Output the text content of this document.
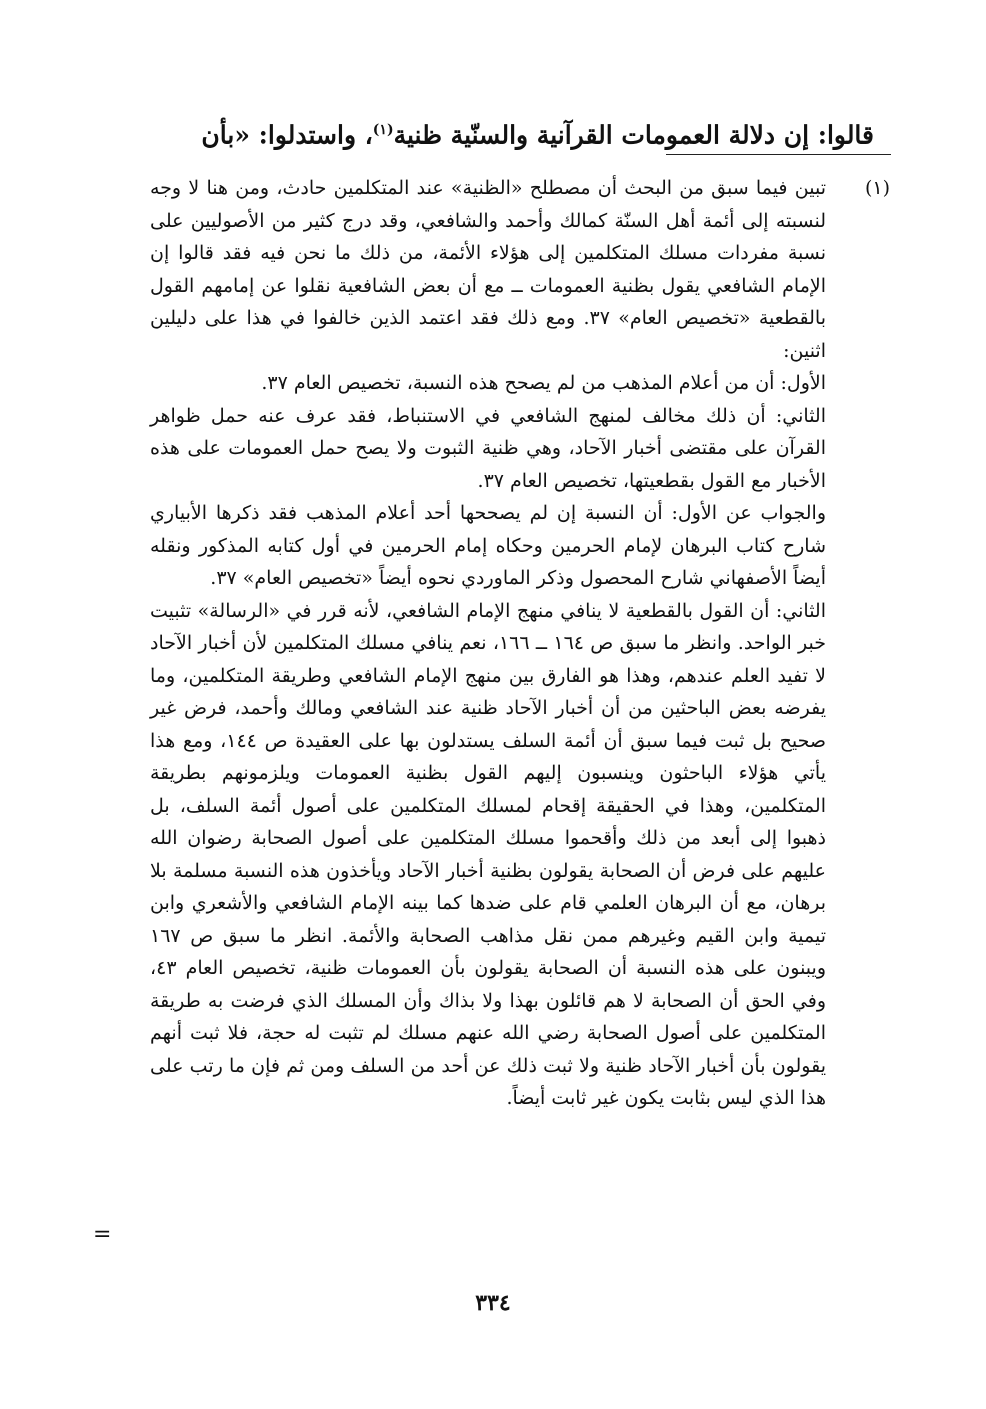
قالوا: إن دلالة العمومات القرآنية والسنّية ظنية$^{(١)}$، واستدلوا: «بأن
(١)

تبين فيما سبق من البحث أن مصطلح «الظنية» عند المتكلمين حادث، ومن هنا لا وجه لنسبته إلى أئمة أهل السنّة كمالك وأحمد والشافعي، وقد درج كثير من الأصوليين على نسبة مفردات مسلك المتكلمين إلى هؤلاء الأئمة، من ذلك ما نحن فيه فقد قالوا إن الإمام الشافعي يقول بظنية العمومات ــ مع أن بعض الشافعية نقلوا عن إمامهم القول بالقطعية «تخصيص العام» ٣٧. ومع ذلك فقد اعتمد الذين خالفوا في هذا على دليلين اثنين:

الأول: أن من أعلام المذهب من لم يصحح هذه النسبة، تخصيص العام ٣٧.

الثاني: أن ذلك مخالف لمنهج الشافعي في الاستنباط، فقد عرف عنه حمل ظواهر القرآن على مقتضى أخبار الآحاد، وهي ظنية الثبوت ولا يصح حمل العمومات على هذه الأخبار مع القول بقطعيتها، تخصيص العام ٣٧.

والجواب عن الأول: أن النسبة إن لم يصححها أحد أعلام المذهب فقد ذكرها الأبياري شارح كتاب البرهان لإمام الحرمين وحكاه إمام الحرمين في أول كتابه المذكور ونقله أيضاً الأصفهاني شارح المحصول وذكر الماوردي نحوه أيضاً «تخصيص العام» ٣٧.

الثاني: أن القول بالقطعية لا ينافي منهج الإمام الشافعي، لأنه قرر في «الرسالة» تثبيت خبر الواحد. وانظر ما سبق ص ١٦٤ ــ ١٦٦، نعم ينافي مسلك المتكلمين لأن أخبار الآحاد لا تفيد العلم عندهم، وهذا هو الفارق بين منهج الإمام الشافعي وطريقة المتكلمين، وما يفرضه بعض الباحثين من أن أخبار الآحاد ظنية عند الشافعي ومالك وأحمد، فرض غير صحيح بل ثبت فيما سبق أن أئمة السلف يستدلون بها على العقيدة ص ١٤٤، ومع هذا يأتي هؤلاء الباحثون وينسبون إليهم القول بظنية العمومات ويلزمونهم بطريقة المتكلمين، وهذا في الحقيقة إقحام لمسلك المتكلمين على أصول أئمة السلف، بل ذهبوا إلى أبعد من ذلك وأقحموا مسلك المتكلمين على أصول الصحابة رضوان الله عليهم على فرض أن الصحابة يقولون بظنية أخبار الآحاد ويأخذون هذه النسبة مسلمة بلا برهان، مع أن البرهان العلمي قام على ضدها كما بينه الإمام الشافعي والأشعري وابن تيمية وابن القيم وغيرهم ممن نقل مذاهب الصحابة والأئمة. انظر ما سبق ص ١٦٧ ويبنون على هذه النسبة أن الصحابة يقولون بأن العمومات ظنية، تخصيص العام ٤٣، وفي الحق أن الصحابة لا هم قائلون بهذا ولا بذاك وأن المسلك الذي فرضت به طريقة المتكلمين على أصول الصحابة رضي الله عنهم مسلك لم تثبت له حجة، فلا ثبت أنهم يقولون بأن أخبار الآحاد ظنية ولا ثبت ذلك عن أحد من السلف ومن ثم فإن ما رتب على هذا الذي ليس بثابت يكون غير ثابت أيضاً.

=
٣٣٤
